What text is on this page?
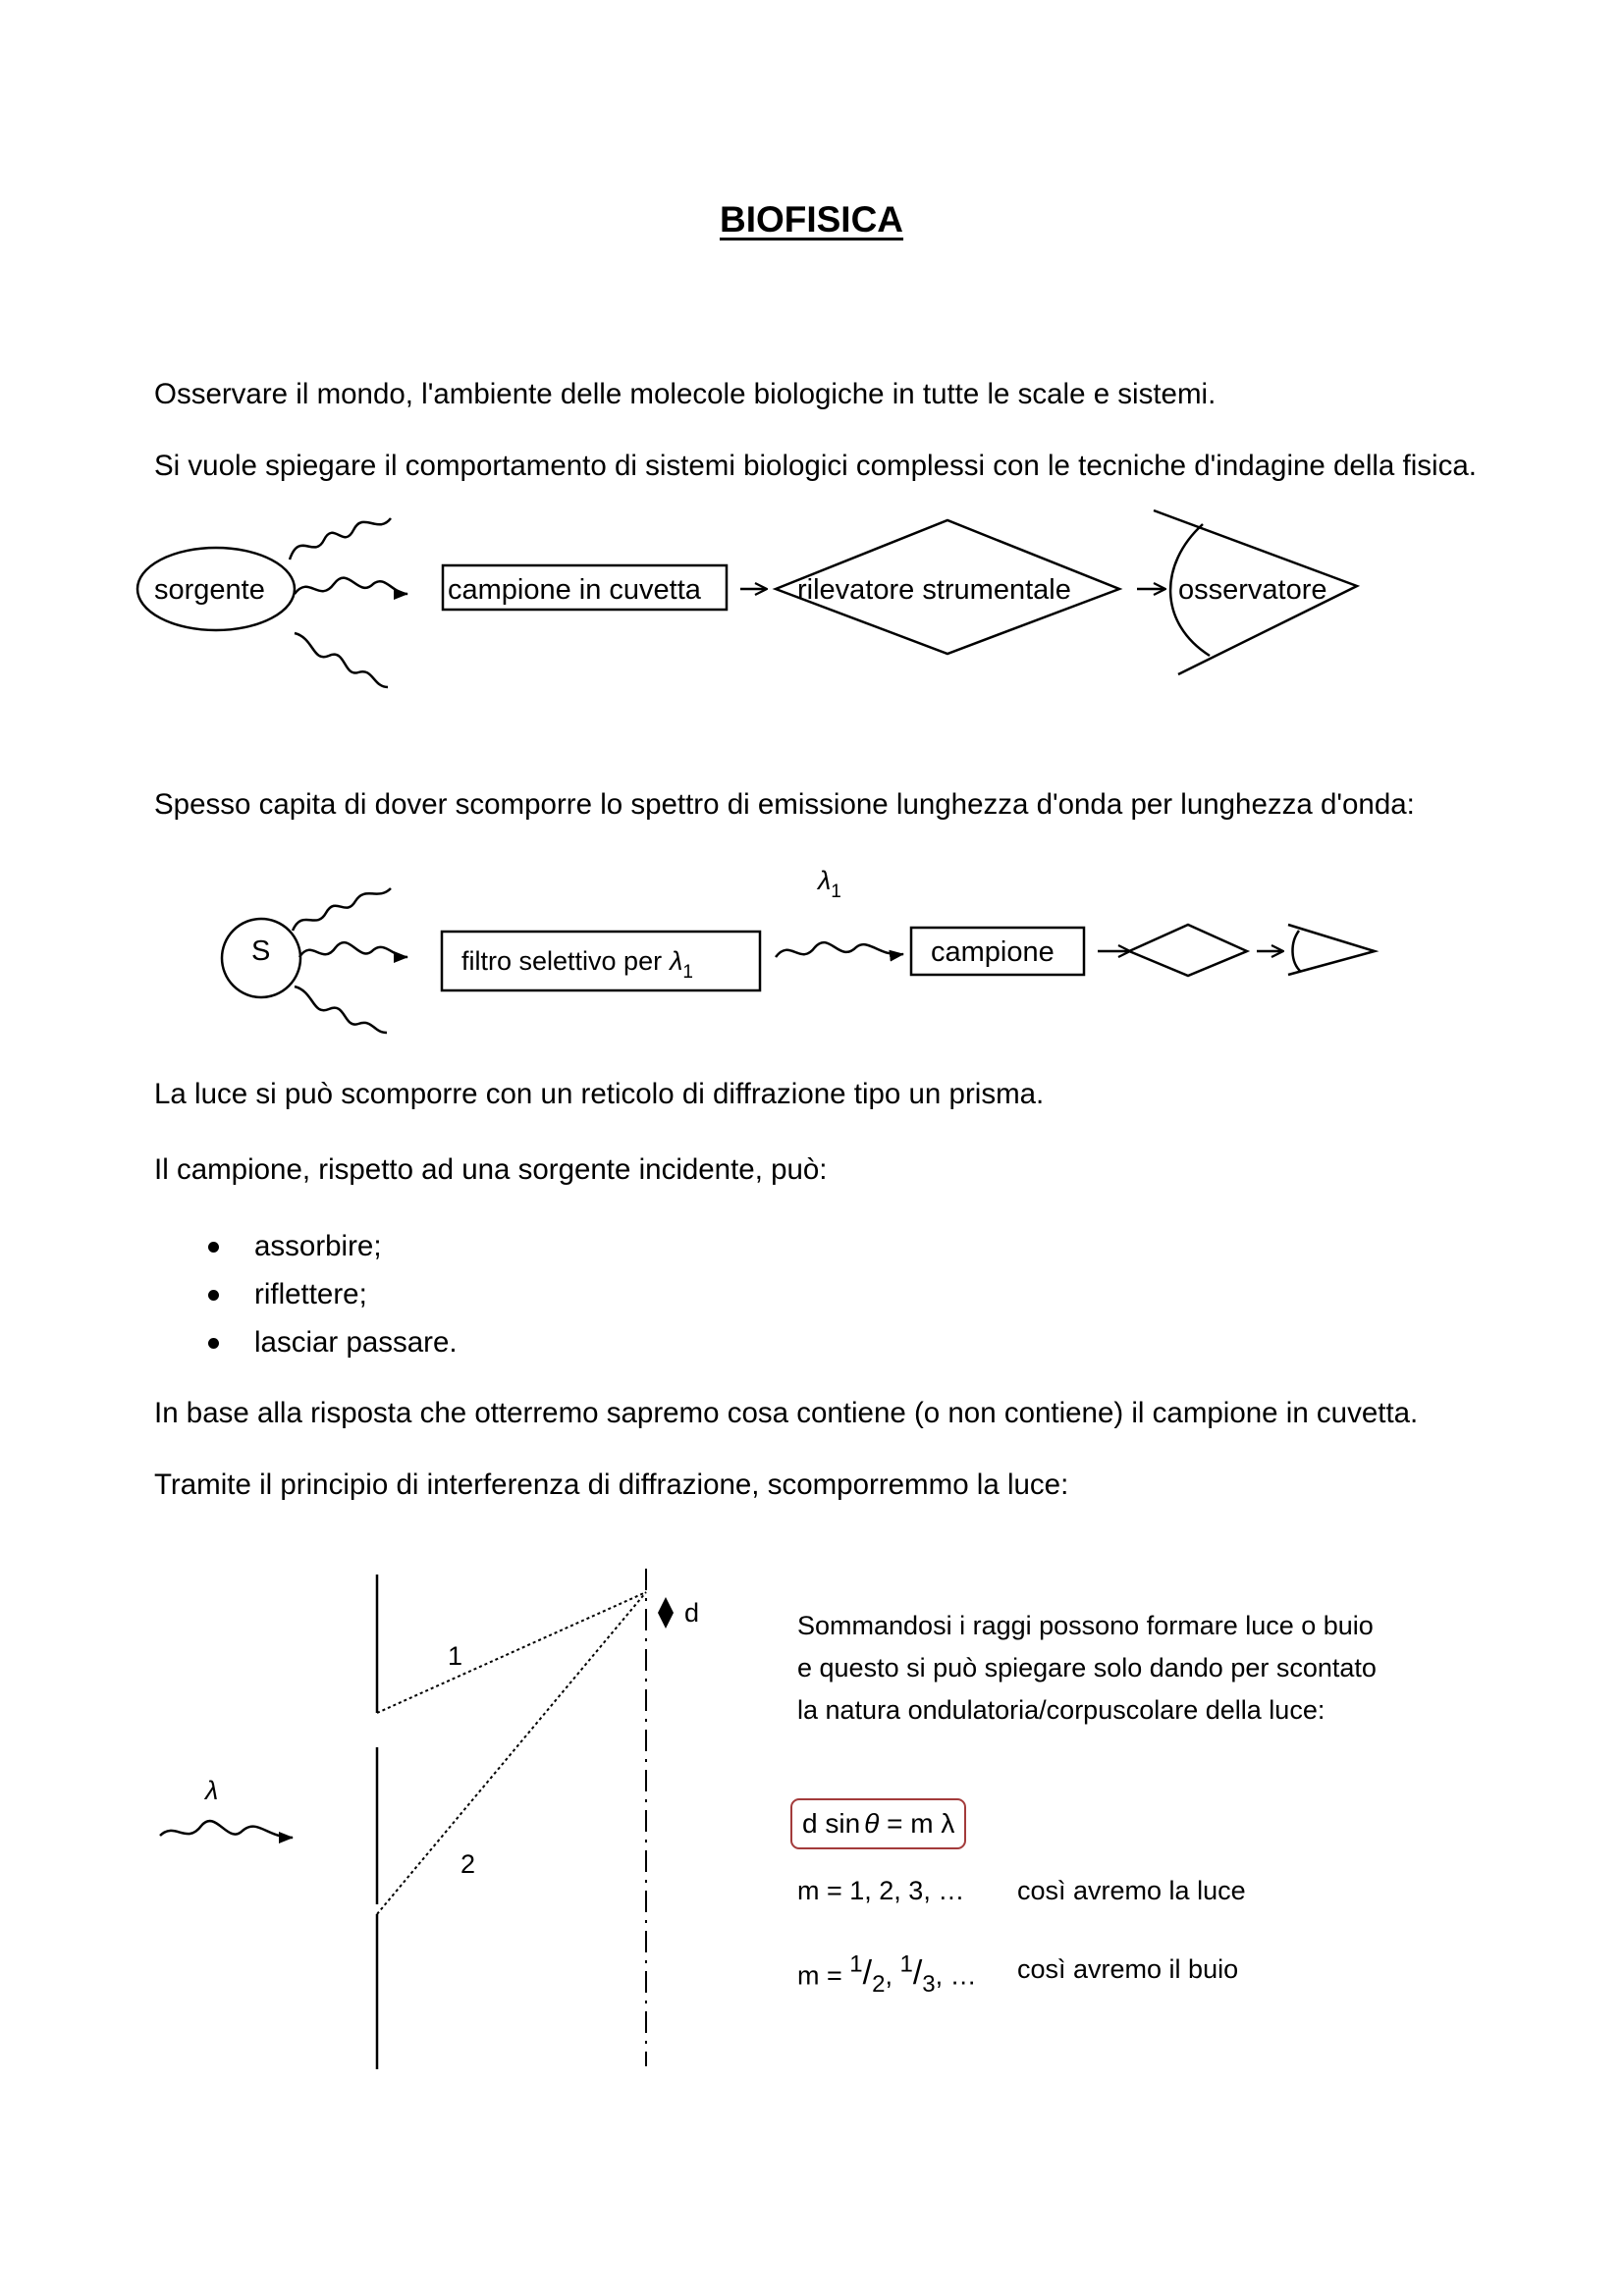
BIOFISICA

Osservare il mondo, l'ambiente delle molecole biologiche in tutte le scale e sistemi.

Si vuole spiegare il comportamento di sistemi biologici complessi con le tecniche d'indagine della fisica.

sorgente	campione in cuvetta	rilevatore strumentale	osservatore
S	filtro selettivo per $\lambda_1$
$\lambda_1$
campione
1
2
d
λ

Spesso capita di dover scomporre lo spettro di emissione lunghezza d'onda per lunghezza d'onda:

La luce si può scomporre con un reticolo di diffrazione tipo un prisma.

Il campione, rispetto ad una sorgente incidente, può:

assorbire;
riflettere;
lasciar passare.

In base alla risposta che otterremo sapremo cosa contiene (o non contiene) il campione in cuvetta.

Tramite il principio di interferenza di diffrazione, scomporremmo la luce:

Sommandosi i raggi possono formare luce o buio e questo si può spiegare solo dando per scontato la natura ondulatoria/corpuscolare della luce:

d sin θ = m λ
m = 1, 2, 3, … così avremo la luce
$m = ^1/_2$, $^1/_3$, … così avremo il buio
